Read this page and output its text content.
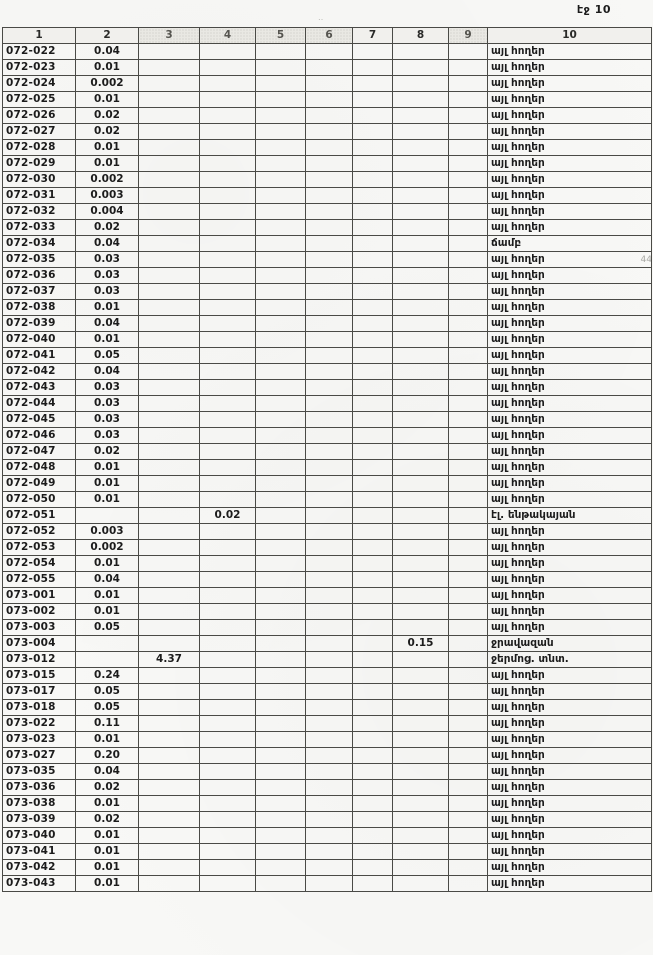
էջ 10
‥
44
1	2	3	4	5	6	7	8	9	10
072-022	0.04								այլ հողեր
072-023	0.01								այլ հողեր
072-024	0.002								այլ հողեր
072-025	0.01								այլ հողեր
072-026	0.02								այլ հողեր
072-027	0.02								այլ հողեր
072-028	0.01								այլ հողեր
072-029	0.01								այլ հողեր
072-030	0.002								այլ հողեր
072-031	0.003								այլ հողեր
072-032	0.004								այլ հողեր
072-033	0.02								այլ հողեր
072-034	0.04								ճամբ
072-035	0.03								այլ հողեր
072-036	0.03								այլ հողեր
072-037	0.03								այլ հողեր
072-038	0.01								այլ հողեր
072-039	0.04								այլ հողեր
072-040	0.01								այլ հողեր
072-041	0.05								այլ հողեր
072-042	0.04								այլ հողեր
072-043	0.03								այլ հողեր
072-044	0.03								այլ հողեր
072-045	0.03								այլ հողեր
072-046	0.03								այլ հողեր
072-047	0.02								այլ հողեր
072-048	0.01								այլ հողեր
072-049	0.01								այլ հողեր
072-050	0.01								այլ հողեր
072-051			0.02						էլ. ենթակայան
072-052	0.003								այլ հողեր
072-053	0.002								այլ հողեր
072-054	0.01								այլ հողեր
072-055	0.04								այլ հողեր
073-001	0.01								այլ հողեր
073-002	0.01								այլ հողեր
073-003	0.05								այլ հողեր
073-004							0.15		ջրավազան
073-012		4.37							ջերմոց. տնտ.
073-015	0.24								այլ հողեր
073-017	0.05								այլ հողեր
073-018	0.05								այլ հողեր
073-022	0.11								այլ հողեր
073-023	0.01								այլ հողեր
073-027	0.20								այլ հողեր
073-035	0.04								այլ հողեր
073-036	0.02								այլ հողեր
073-038	0.01								այլ հողեր
073-039	0.02								այլ հողեր
073-040	0.01								այլ հողեր
073-041	0.01								այլ հողեր
073-042	0.01								այլ հողեր
073-043	0.01								այլ հողեր
